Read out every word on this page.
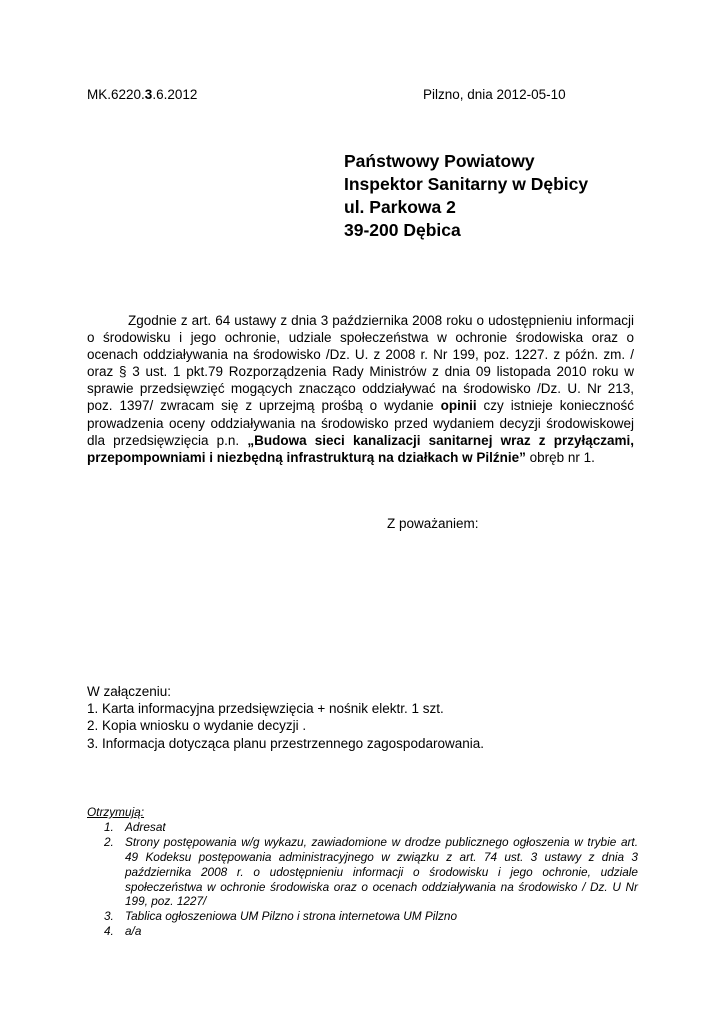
MK.6220.3.6.2012	Pilzno, dnia 2012-05-10
Państwowy Powiatowy
Inspektor Sanitarny w Dębicy
ul. Parkowa 2
39-200 Dębica

Zgodnie z art. 64 ustawy z dnia 3 października 2008 roku o udostępnieniu informacji o środowisku i jego ochronie, udziale społeczeństwa w ochronie środowiska oraz o ocenach oddziaływania na środowisko /Dz. U. z 2008 r. Nr 199, poz. 1227. z późn. zm. / oraz § 3 ust. 1 pkt.79 Rozporządzenia Rady Ministrów z dnia 09 listopada 2010 roku w sprawie przedsięwzięć mogących znacząco oddziaływać na środowisko /Dz. U. Nr 213, poz. 1397/ zwracam się z uprzejmą prośbą o wydanie opinii czy istnieje konieczność prowadzenia oceny oddziaływania na środowisko przed wydaniem decyzji środowiskowej dla przedsięwzięcia p.n. „Budowa sieci kanalizacji sanitarnej wraz z przyłączami, przepompowniami i niezbędną infrastrukturą na działkach w Pilźnie” obręb nr 1.

Z poważaniem:
W załączeniu:
1. Karta informacyjna przedsięwzięcia + nośnik elektr. 1 szt.
2. Kopia wniosku o wydanie decyzji .
3. Informacja dotycząca planu przestrzennego zagospodarowania.
Otrzymują:
1. Adresat
2. Strony postępowania w/g wykazu, zawiadomione w drodze publicznego ogłoszenia w trybie art. 49 Kodeksu postępowania administracyjnego w związku z art. 74 ust. 3 ustawy z dnia 3 października 2008 r. o udostępnieniu informacji o środowisku i jego ochronie, udziale społeczeństwa w ochronie środowiska oraz o ocenach oddziaływania na środowisko / Dz. U Nr 199, poz. 1227/
3. Tablica ogłoszeniowa UM Pilzno i strona internetowa UM Pilzno
4. a/a
